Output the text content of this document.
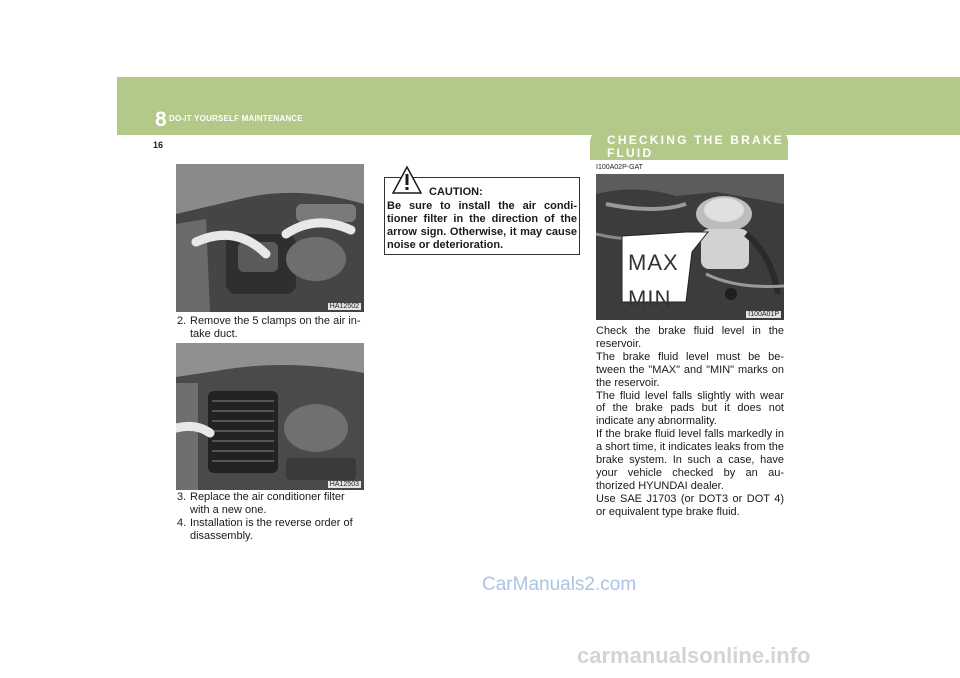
8 DO-IT YOURSELF MAINTENANCE
16	CHECKING THE BRAKE FLUID
HA12502
2. Remove the 5 clamps on the air in-take duct.
HA12503
3. Replace the air conditioner filter with a new one.
4. Installation is the reverse order of disassembly.
CAUTION:
Be sure to install the air condi-tioner filter in the direction of the arrow sign. Otherwise, it may cause noise or deterioration.
I100A02P-GAT
MAX
MIN
I100A01P

Check the brake fluid level in the reservoir.

The brake fluid level must be be-tween the "MAX" and "MIN" marks on the reservoir.

The fluid level falls slightly with wear of the brake pads but it does not indicate any abnormality.

If the brake fluid level falls markedly in a short time, it indicates leaks from the brake system. In such a case, have your vehicle checked by an au-thorized HYUNDAI dealer.

Use SAE J1703 (or DOT3 or DOT 4) or equivalent type brake fluid.

CarManuals2.com
carmanualsonline.info
